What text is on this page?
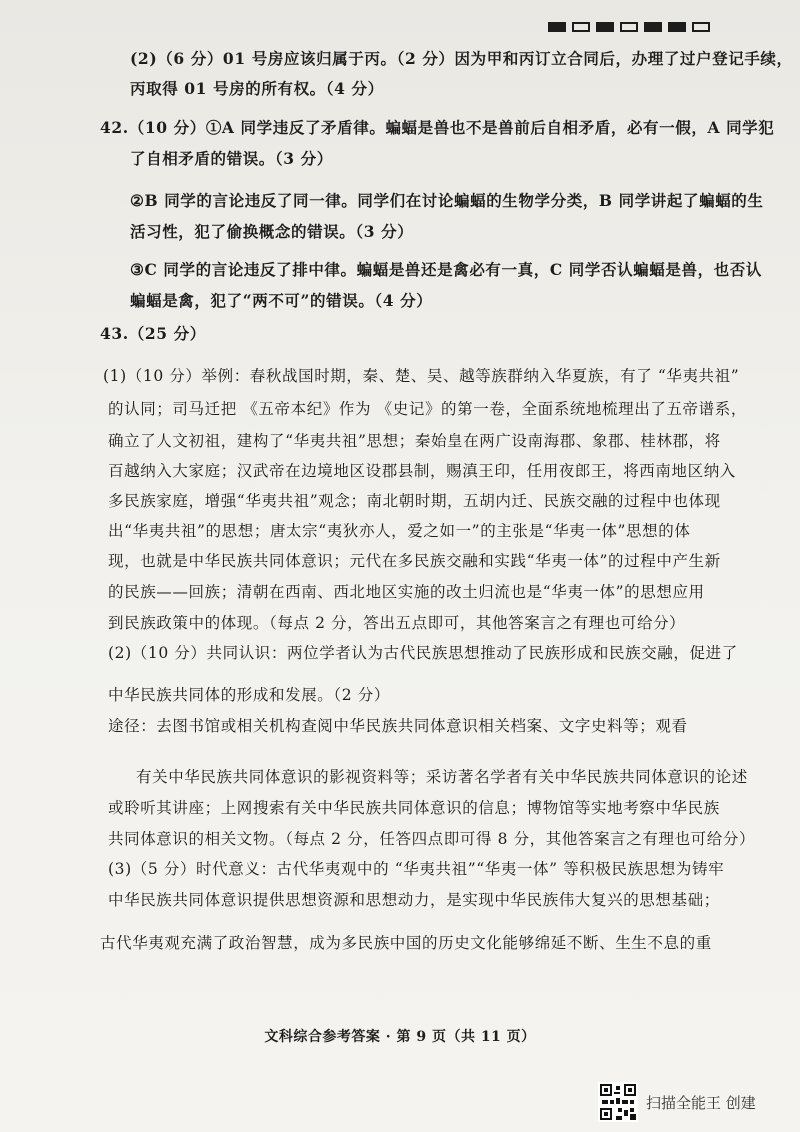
(2)（6 分）01 号房应该归属于丙。（2 分）因为甲和丙订立合同后，办理了过户登记手续，
丙取得 01 号房的所有权。（4 分）
42.（10 分）①A 同学违反了矛盾律。蝙蝠是兽也不是兽前后自相矛盾，必有一假，A 同学犯
了自相矛盾的错误。（3 分）
②B 同学的言论违反了同一律。同学们在讨论蝙蝠的生物学分类，B 同学讲起了蝙蝠的生
活习性，犯了偷换概念的错误。（3 分）
③C 同学的言论违反了排中律。蝙蝠是兽还是禽必有一真，C 同学否认蝙蝠是兽，也否认
蝙蝠是禽，犯了“两不可”的错误。（4 分）
43.（25 分）
(1)（10 分）举例：春秋战国时期，秦、楚、吴、越等族群纳入华夏族，有了 “华夷共祖”
的认同；司马迁把 《五帝本纪》作为 《史记》的第一卷，全面系统地梳理出了五帝谱系，
确立了人文初祖，建构了“华夷共祖”思想；秦始皇在两广设南海郡、象郡、桂林郡，将
百越纳入大家庭；汉武帝在边境地区设郡县制，赐滇王印，任用夜郎王，将西南地区纳入
多民族家庭，增强“华夷共祖”观念；南北朝时期，五胡内迁、民族交融的过程中也体现
出“华夷共祖”的思想；唐太宗“夷狄亦人，爱之如一”的主张是“华夷一体”思想的体
现，也就是中华民族共同体意识；元代在多民族交融和实践“华夷一体”的过程中产生新
的民族——回族；清朝在西南、西北地区实施的改土归流也是“华夷一体”的思想应用
到民族政策中的体现。（每点 2 分，答出五点即可，其他答案言之有理也可给分）
(2)（10 分）共同认识：两位学者认为古代民族思想推动了民族形成和民族交融，促进了
中华民族共同体的形成和发展。（2 分）
途径：去图书馆或相关机构查阅中华民族共同体意识相关档案、文字史料等；观看
有关中华民族共同体意识的影视资料等；采访著名学者有关中华民族共同体意识的论述
或聆听其讲座；上网搜索有关中华民族共同体意识的信息；博物馆等实地考察中华民族
共同体意识的相关文物。（每点 2 分，任答四点即可得 8 分，其他答案言之有理也可给分）
(3)（5 分）时代意义：古代华夷观中的 “华夷共祖”“华夷一体” 等积极民族思想为铸牢
中华民族共同体意识提供思想资源和思想动力，是实现中华民族伟大复兴的思想基础；
古代华夷观充满了政治智慧，成为多民族中国的历史文化能够绵延不断、生生不息的重
文科综合参考答案 · 第 9 页（共 11 页）
扫描全能王 创建
